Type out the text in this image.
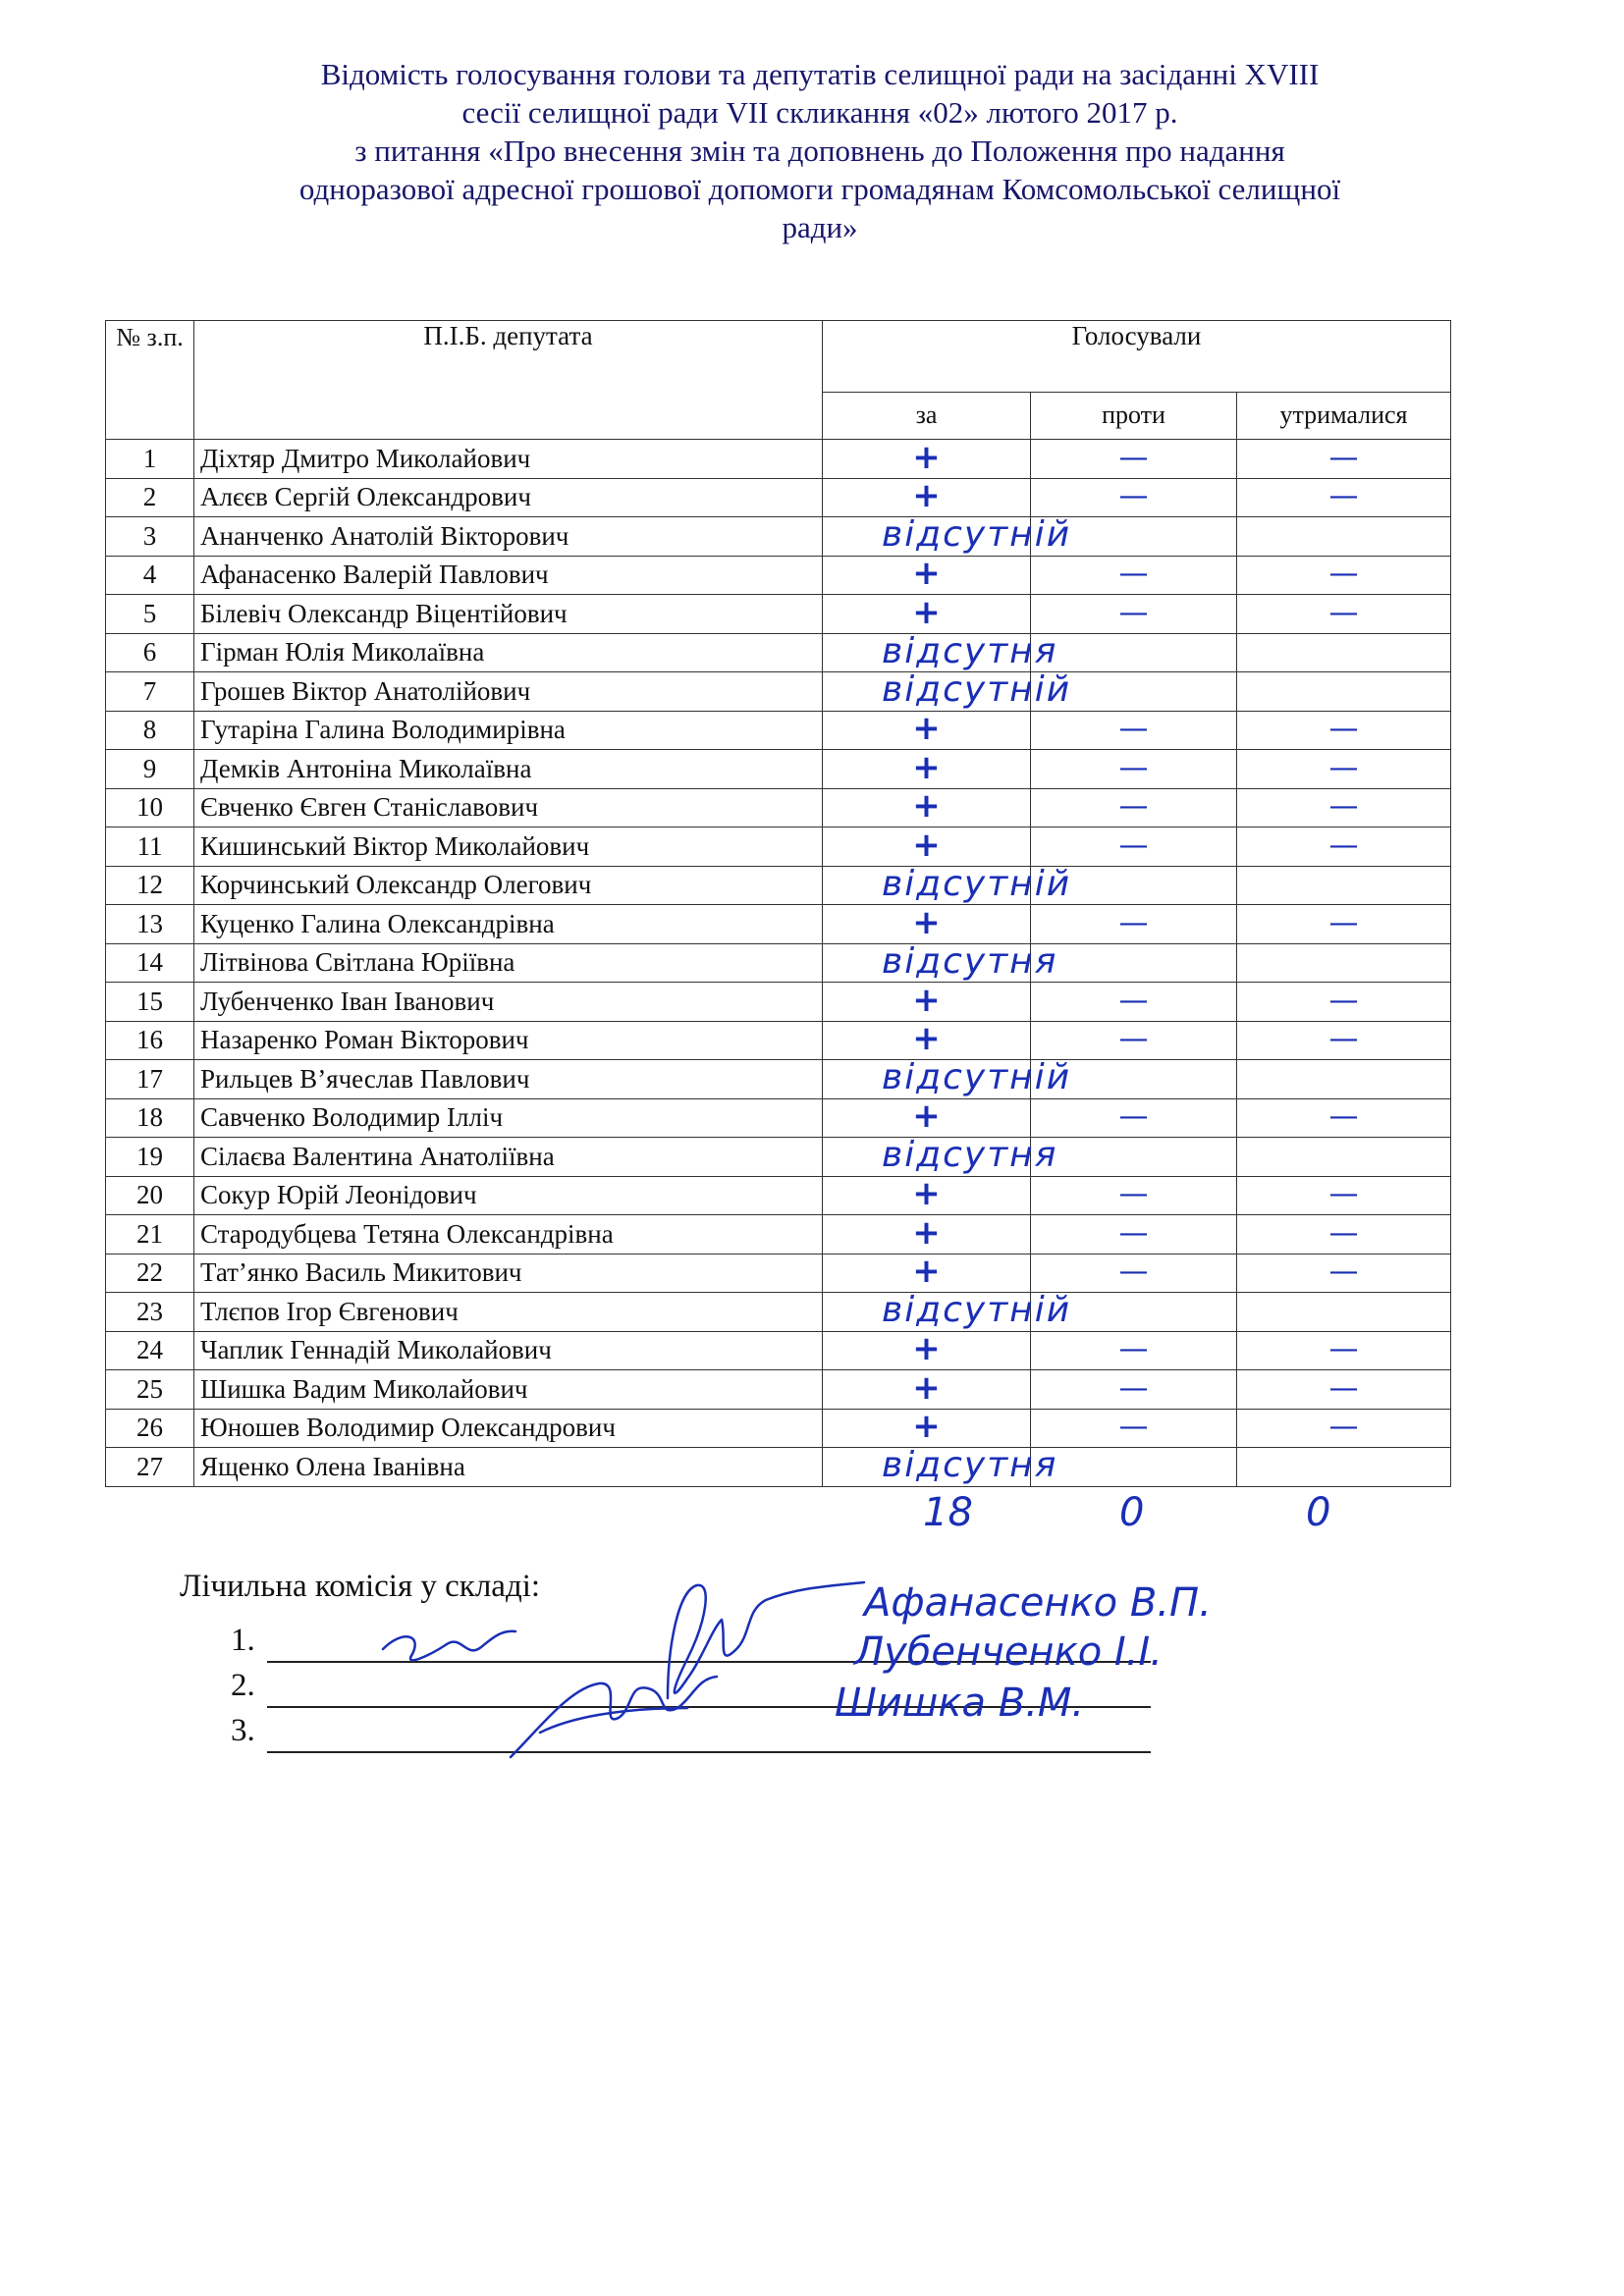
Відомість голосування голови та депутатів селищної ради на засіданні XVIII
сесії селищної ради VII скликання «02» лютого 2017 р.
з питання «Про внесення змін та доповнень до Положення про надання
одноразової адресної грошової допомоги громадянам Комсомольської селищної
ради»
№ з.п.	П.І.Б. депутата	Голосували		
		за	проти	утрималися
1	Діхтяр Дмитро Миколайович	+	—	—
2	Алєєв Сергій Олександрович	+	—	—
3	Ананченко Анатолій Вікторович	відсутній		

4	Афанасенко Валерій Павлович	+	—	—
5	Білевіч Олександр Віцентійович	+	—	—
6	Гірман Юлія Миколаївна	відсутня		

7	Грошев Віктор Анатолійович	відсутній		

8	Гутаріна Галина Володимирівна	+	—	—
9	Демків Антоніна Миколаївна	+	—	—
10	Євченко Євген Станіславович	+	—	—
11	Кишинський Віктор Миколайович	+	—	—
12	Корчинський Олександр Олегович	відсутній		

13	Куценко Галина Олександрівна	+	—	—
14	Літвінова Світлана Юріївна	відсутня		

15	Лубенченко Іван Іванович	+	—	—
16	Назаренко Роман Вікторович	+	—	—
17	Рильцев В’ячеслав Павлович	відсутній		

18	Савченко Володимир Ілліч	+	—	—
19	Сілаєва Валентина Анатоліївна	відсутня		

20	Сокур Юрій Леонідович	+	—	—
21	Стародубцева Тетяна Олександрівна	+	—	—
22	Тат’янко Василь Микитович	+	—	—
23	Тлєпов Ігор Євгенович	відсутній		

24	Чаплик Геннадій Миколайович	+	—	—
25	Шишка Вадим Миколайович	+	—	—
26	Юношев Володимир Олександрович	+	—	—
27	Ященко Олена Іванівна	відсутня		

18	0	0
Лічильна комісія у складі:
1.
2.
3.
Афанасенко В.П.
Лубенченко І.І.
Шишка В.М.
